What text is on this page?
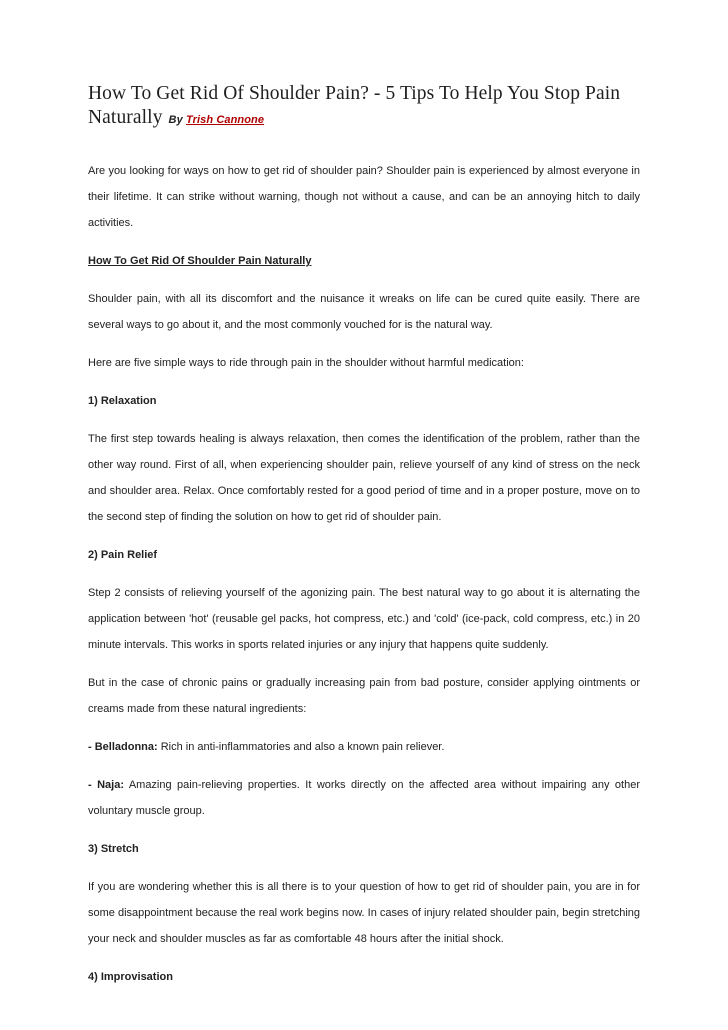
How To Get Rid Of Shoulder Pain? - 5 Tips To Help You Stop Pain Naturally By Trish Cannone

Are you looking for ways on how to get rid of shoulder pain? Shoulder pain is experienced by almost everyone in their lifetime. It can strike without warning, though not without a cause, and can be an annoying hitch to daily activities.

How To Get Rid Of Shoulder Pain Naturally

Shoulder pain, with all its discomfort and the nuisance it wreaks on life can be cured quite easily. There are several ways to go about it, and the most commonly vouched for is the natural way.

Here are five simple ways to ride through pain in the shoulder without harmful medication:

1) Relaxation

The first step towards healing is always relaxation, then comes the identification of the problem, rather than the other way round. First of all, when experiencing shoulder pain, relieve yourself of any kind of stress on the neck and shoulder area. Relax. Once comfortably rested for a good period of time and in a proper posture, move on to the second step of finding the solution on how to get rid of shoulder pain.

2) Pain Relief

Step 2 consists of relieving yourself of the agonizing pain. The best natural way to go about it is alternating the application between 'hot' (reusable gel packs, hot compress, etc.) and 'cold' (ice-pack, cold compress, etc.) in 20 minute intervals. This works in sports related injuries or any injury that happens quite suddenly.

But in the case of chronic pains or gradually increasing pain from bad posture, consider applying ointments or creams made from these natural ingredients:

- Belladonna: Rich in anti-inflammatories and also a known pain reliever.

- Naja: Amazing pain-relieving properties. It works directly on the affected area without impairing any other voluntary muscle group.

3) Stretch

If you are wondering whether this is all there is to your question of how to get rid of shoulder pain, you are in for some disappointment because the real work begins now. In cases of injury related shoulder pain, begin stretching your neck and shoulder muscles as far as comfortable 48 hours after the initial shock.

4) Improvisation
